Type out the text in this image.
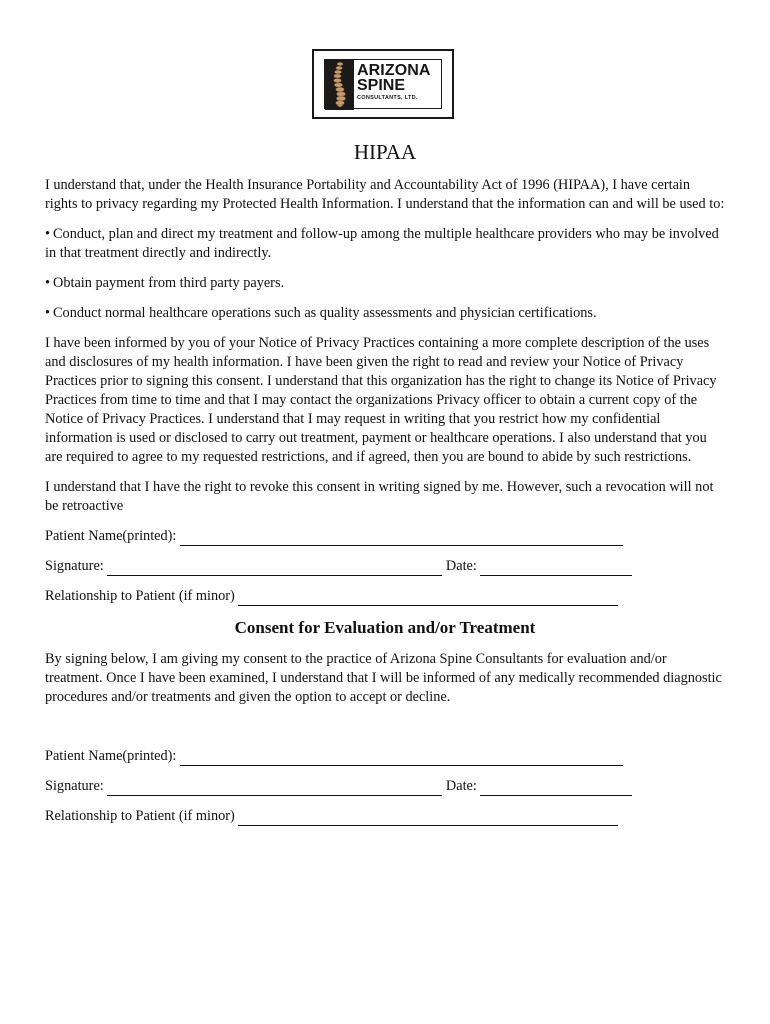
ARIZONA
SPINE
CONSULTANTS, LTD.
HIPAA

I understand that, under the Health Insurance Portability and Accountability Act of 1996 (HIPAA), I have certain rights to privacy regarding my Protected Health Information. I understand that the information can and will be used to:

• Conduct, plan and direct my treatment and follow-up among the multiple healthcare providers who may be involved in that treatment directly and indirectly.

• Obtain payment from third party payers.

• Conduct normal healthcare operations such as quality assessments and physician certifications.

I have been informed by you of your Notice of Privacy Practices containing a more complete description of the uses and disclosures of my health information. I have been given the right to read and review your Notice of Privacy Practices prior to signing this consent. I understand that this organization has the right to change its Notice of Privacy Practices from time to time and that I may contact the organizations Privacy officer to obtain a current copy of the Notice of Privacy Practices. I understand that I may request in writing that you restrict how my confidential information is used or disclosed to carry out treatment, payment or healthcare operations. I also understand that you are required to agree to my requested restrictions, and if agreed, then you are bound to abide by such restrictions.

I understand that I have the right to revoke this consent in writing signed by me. However, such a revocation will not be retroactive

Patient Name(printed):
Signature:	Date:
Relationship to Patient (if minor)
Consent for Evaluation and/or Treatment

By signing below, I am giving my consent to the practice of Arizona Spine Consultants for evaluation and/or treatment. Once I have been examined, I understand that I will be informed of any medically recommended diagnostic procedures and/or treatments and given the option to accept or decline.

Patient Name(printed):
Signature:	Date:
Relationship to Patient (if minor)
